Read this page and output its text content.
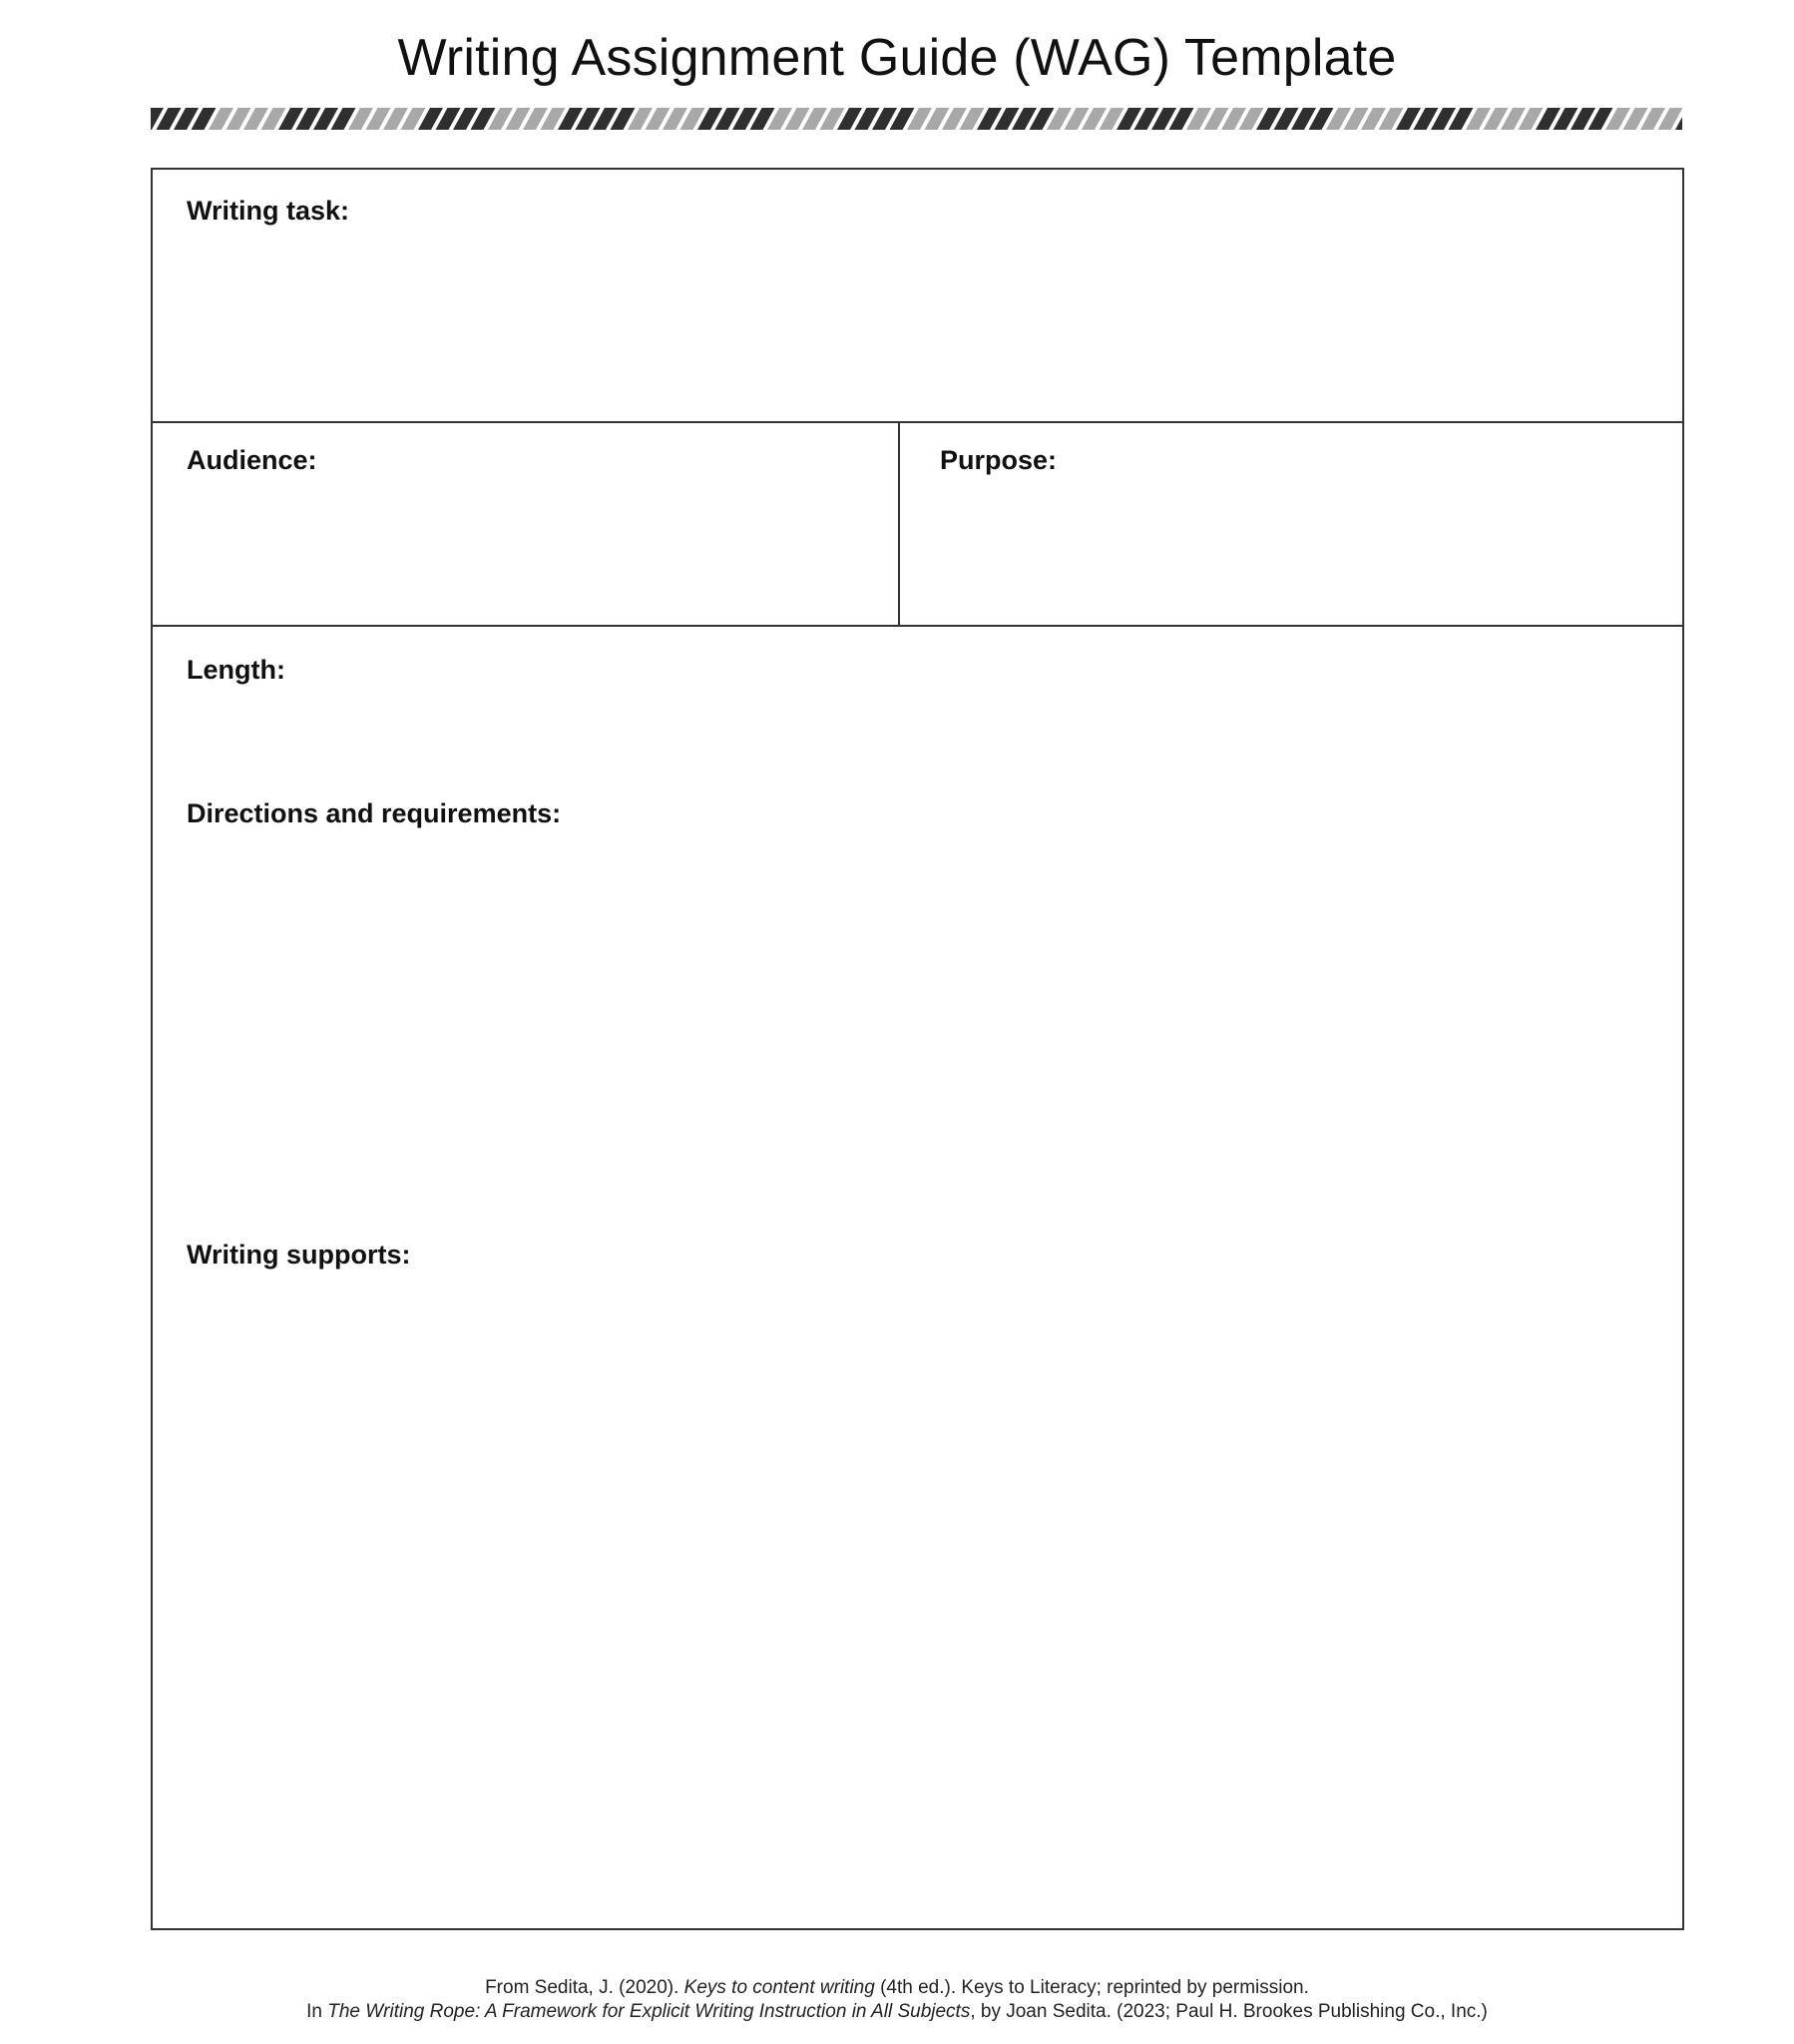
Writing Assignment Guide (WAG) Template
Writing task:
Audience:	Purpose:
Length:
Directions and requirements:
Writing supports:
From Sedita, J. (2020). Keys to content writing (4th ed.). Keys to Literacy; reprinted by permission.
In The Writing Rope: A Framework for Explicit Writing Instruction in All Subjects, by Joan Sedita. (2023; Paul H. Brookes Publishing Co., Inc.)
